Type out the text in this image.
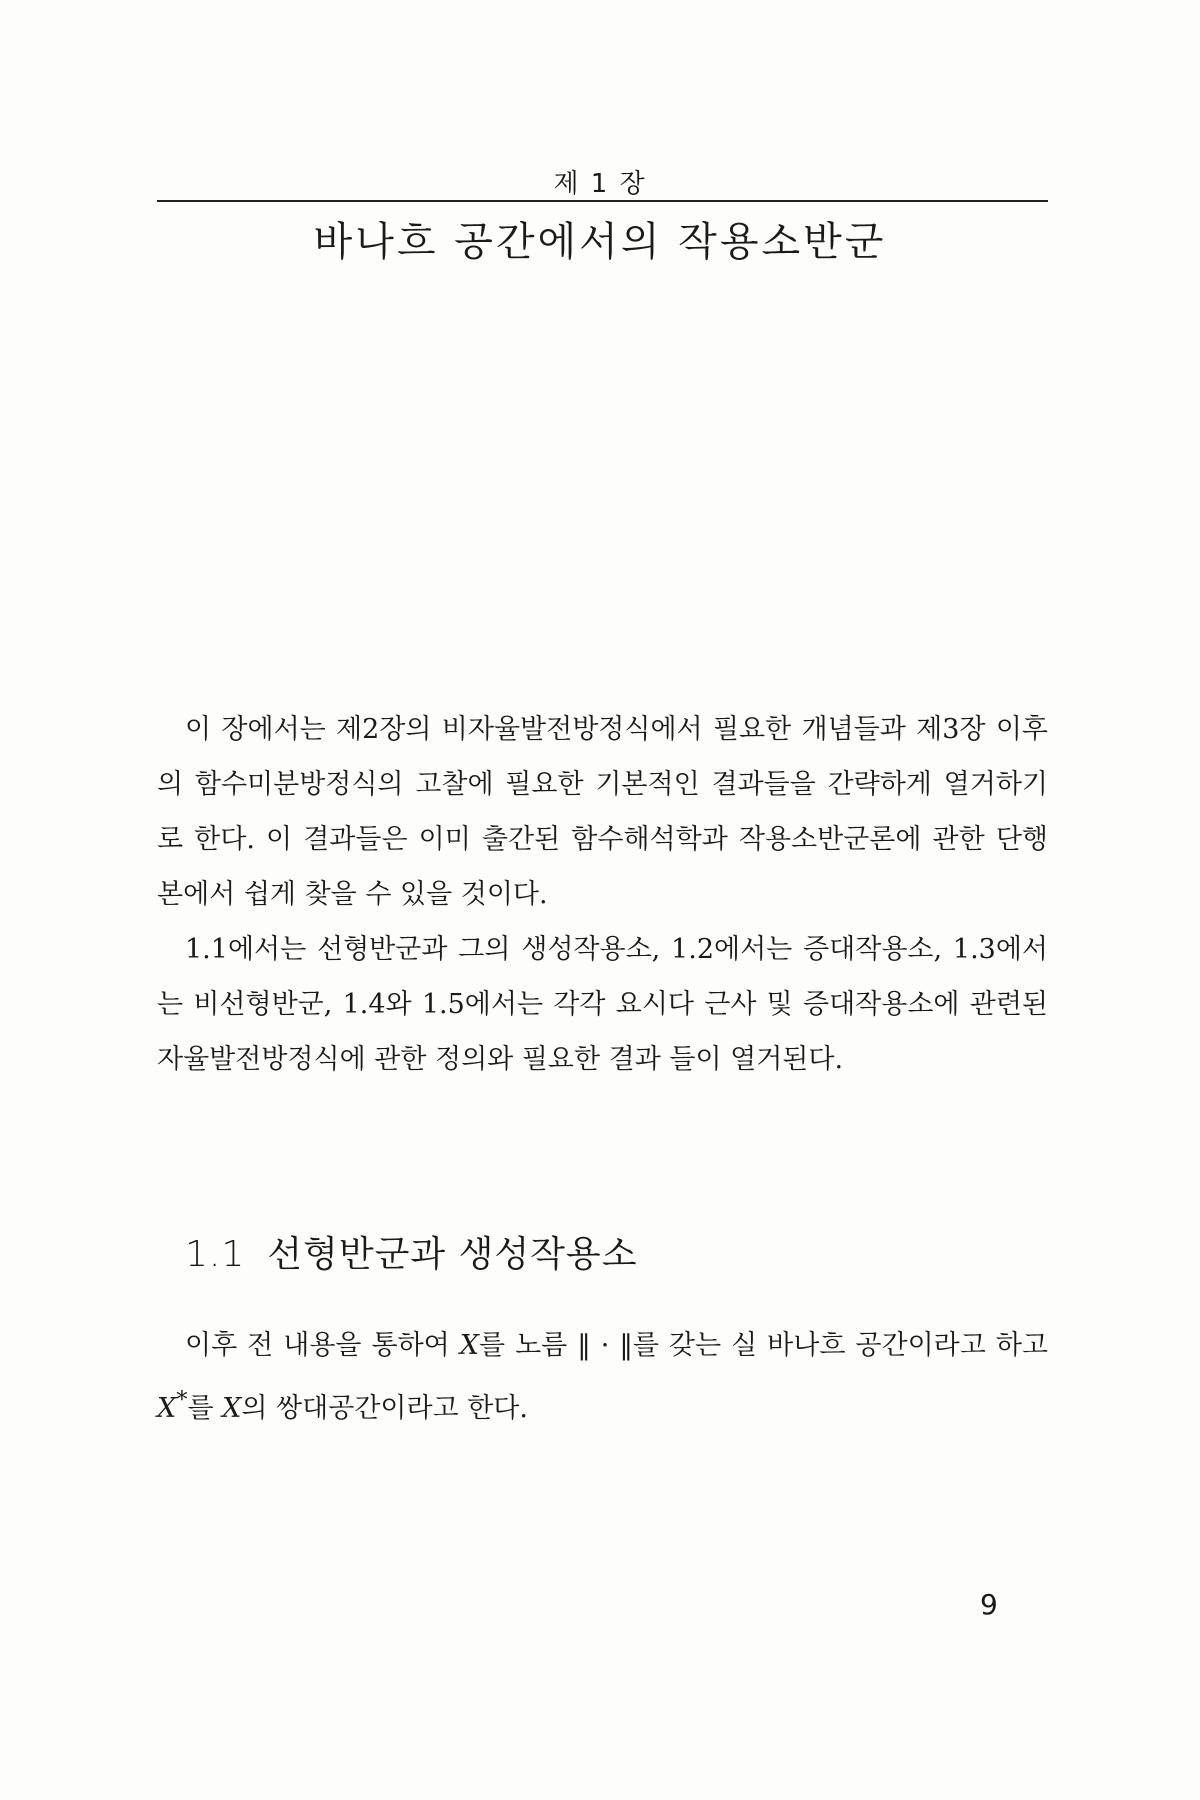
제 1 장
바나흐 공간에서의 작용소반군

이 장에서는 제2장의 비자율발전방정식에서 필요한 개념들과 제3장 이후의 함수미분방정식의 고찰에 필요한 기본적인 결과들을 간략하게 열거하기로 한다. 이 결과들은 이미 출간된 함수해석학과 작용소반군론에 관한 단행본에서 쉽게 찾을 수 있을 것이다.

1.1에서는 선형반군과 그의 생성작용소, 1.2에서는 증대작용소, 1.3에서는 비선형반군, 1.4와 1.5에서는 각각 요시다 근사 및 증대작용소에 관련된 자율발전방정식에 관한 정의와 필요한 결과 들이 열거된다.

1.1 선형반군과 생성작용소

이후 전 내용을 통하여 X를 노름 ‖ · ‖를 갖는 실 바나흐 공간이라고 하고 X*를 X의 쌍대공간이라고 한다.

9
